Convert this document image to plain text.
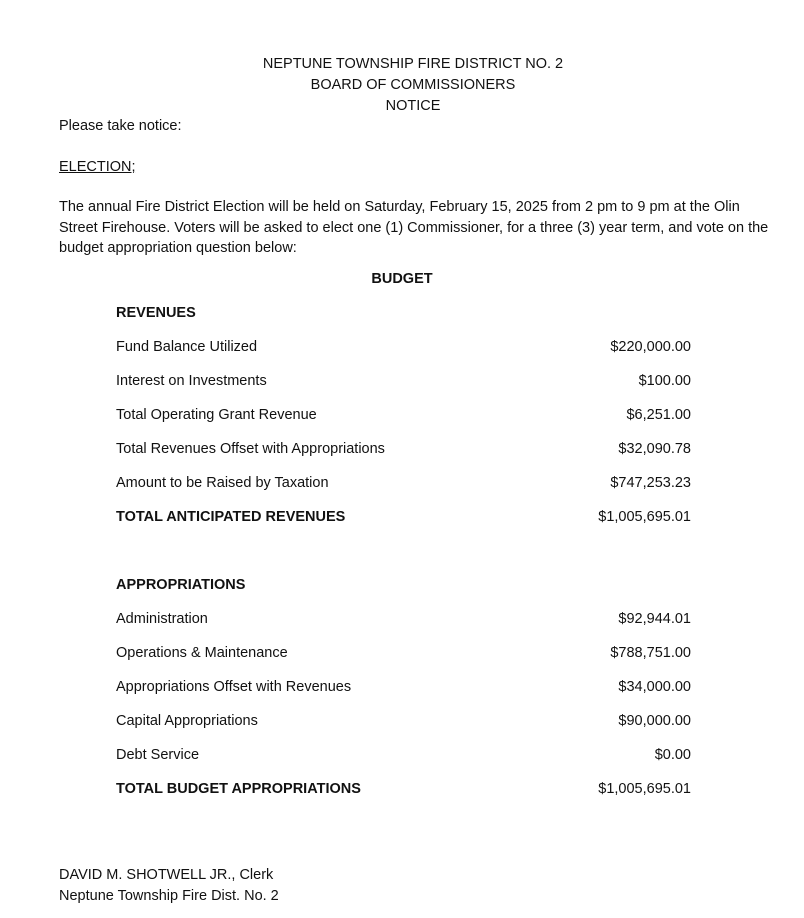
NEPTUNE TOWNSHIP FIRE DISTRICT NO. 2
BOARD OF COMMISSIONERS
NOTICE
Please take notice:
ELECTION;
The annual Fire District Election will be held on Saturday, February 15, 2025 from 2 pm to 9 pm at the Olin Street Firehouse. Voters will be asked to elect one (1) Commissioner, for a three (3) year term, and vote on the budget appropriation question below:
BUDGET
REVENUES
Fund Balance Utilized	$220,000.00
Interest on Investments	$100.00
Total Operating Grant Revenue	$6,251.00
Total Revenues Offset with Appropriations	$32,090.78
Amount to be Raised by Taxation	$747,253.23
TOTAL ANTICIPATED REVENUES	$1,005,695.01
APPROPRIATIONS
Administration	$92,944.01
Operations & Maintenance	$788,751.00
Appropriations Offset with Revenues	$34,000.00
Capital Appropriations	$90,000.00
Debt Service	$0.00
TOTAL BUDGET APPROPRIATIONS	$1,005,695.01
DAVID M. SHOTWELL JR., Clerk
Neptune Township Fire Dist. No. 2
